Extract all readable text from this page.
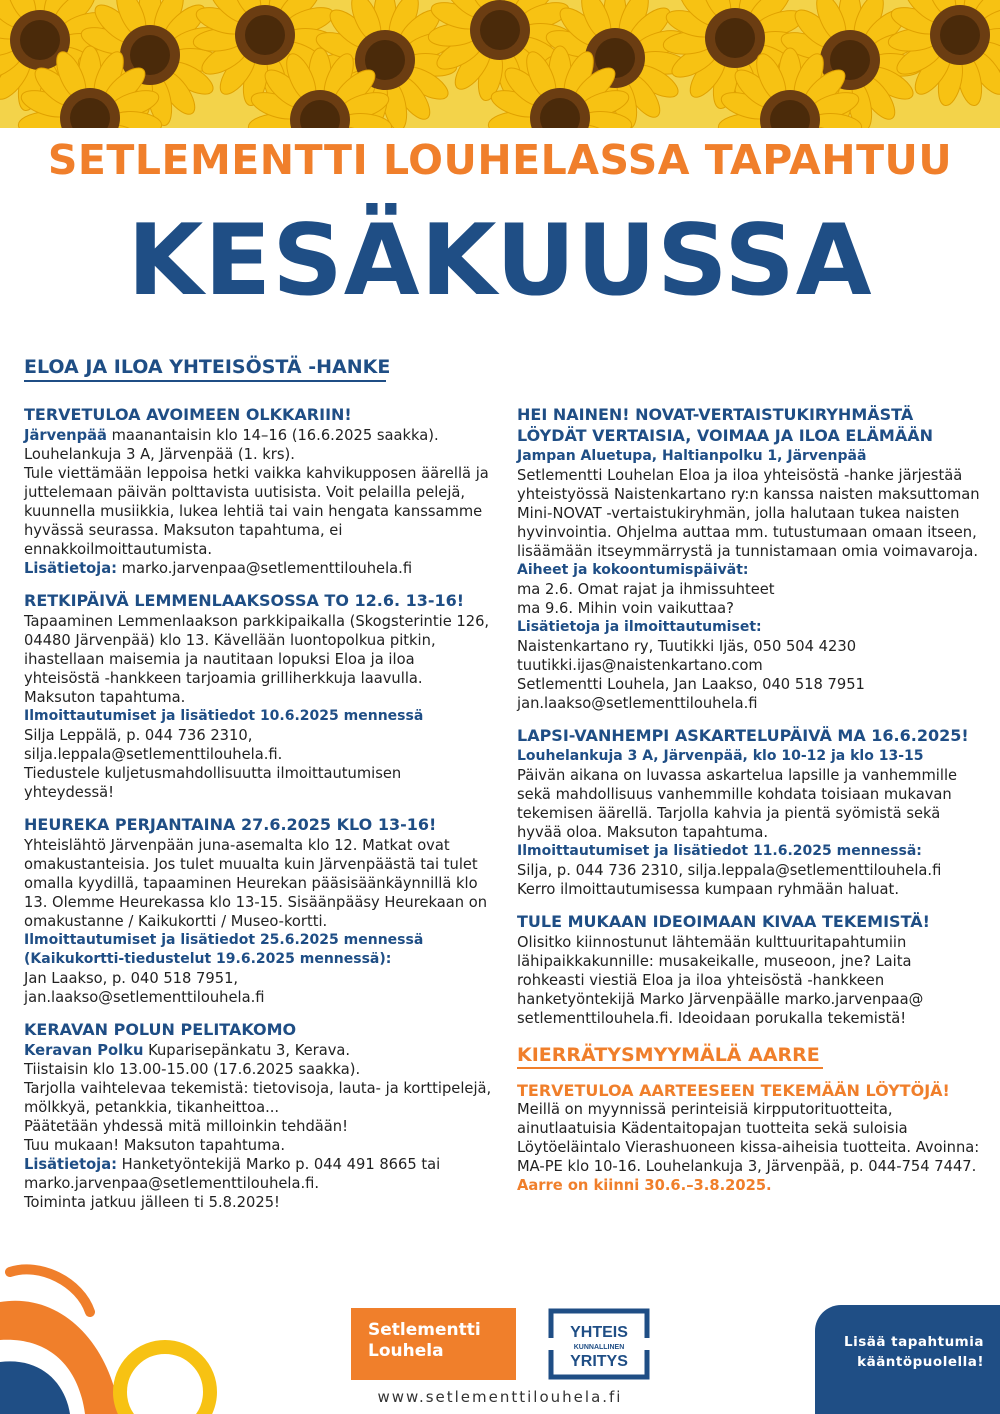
SETLEMENTTI LOUHELASSA TAPAHTUU
KESÄKUUSSA
ELOA JA ILOA YHTEISÖSTÄ -HANKE
TERVETULOA AVOIMEEN OLKKARIIN!
Järvenpää maanantaisin klo 14–16 (16.6.2025 saakka).
Louhelankuja 3 A, Järvenpää (1. krs).
Tule viettämään leppoisa hetki vaikka kahvikupposen äärellä ja juttelemaan päivän polttavista uutisista. Voit pelailla pelejä, kuunnella musiikkia, lukea lehtiä tai vain hengata kanssamme hyvässä seurassa. Maksuton tapahtuma, ei ennakkoilmoittautumista.
Lisätietoja: marko.jarvenpaa@setlementtilouhela.fi
RETKIPÄIVÄ LEMMENLAAKSOSSA TO 12.6. 13-16!
Tapaaminen Lemmenlaakson parkkipaikalla (Skogsterintie 126, 04480 Järvenpää) klo 13. Kävellään luontopolkua pitkin, ihastellaan maisemia ja nautitaan lopuksi Eloa ja iloa yhteisöstä -hankkeen tarjoamia grilliherkkuja laavulla. Maksuton tapahtuma.
Ilmoittautumiset ja lisätiedot 10.6.2025 mennessä
Silja Leppälä, p. 044 736 2310,
silja.leppala@setlementtilouhela.fi.
Tiedustele kuljetusmahdollisuutta ilmoittautumisen yhteydessä!
HEUREKA PERJANTAINA 27.6.2025 KLO 13-16!
Yhteislähtö Järvenpään juna-asemalta klo 12. Matkat ovat omakustanteisia. Jos tulet muualta kuin Järvenpäästä tai tulet omalla kyydillä, tapaaminen Heurekan pääsisäänkäynnillä klo 13. Olemme Heurekassa klo 13-15. Sisäänpääsy Heurekaan on omakustanne / Kaikukortti / Museo-kortti.
Ilmoittautumiset ja lisätiedot 25.6.2025 mennessä (Kaikukortti-tiedustelut 19.6.2025 mennessä):
Jan Laakso, p. 040 518 7951,
jan.laakso@setlementtilouhela.fi
KERAVAN POLUN PELITAKOMO
Keravan Polku Kuparisepänkatu 3, Kerava.
Tiistaisin klo 13.00-15.00 (17.6.2025 saakka).
Tarjolla vaihtelevaa tekemistä: tietovisoja, lauta- ja korttipelejä, mölkkyä, petankkia, tikanheittoa...
Päätetään yhdessä mitä milloinkin tehdään!
Tuu mukaan! Maksuton tapahtuma.
Lisätietoja: Hanketyöntekijä Marko p. 044 491 8665 tai marko.jarvenpaa@setlementtilouhela.fi.
Toiminta jatkuu jälleen ti 5.8.2025!
HEI NAINEN! NOVAT-VERTAISTUKIRYHMÄSTÄ LÖYDÄT VERTAISIA, VOIMAA JA ILOA ELÄMÄÄN
Jampan Aluetupa, Haltianpolku 1, Järvenpää
Setlementti Louhelan Eloa ja iloa yhteisöstä -hanke järjestää yhteistyössä Naistenkartano ry:n kanssa naisten maksuttoman Mini-NOVAT -vertaistukiryhmän, jolla halutaan tukea naisten hyvinvointia. Ohjelma auttaa mm. tutustumaan omaan itseen, lisäämään itseymmärrystä ja tunnistamaan omia voimavaroja.
Aiheet ja kokoontumispäivät:
ma 2.6. Omat rajat ja ihmissuhteet
ma 9.6. Mihin voin vaikuttaa?
Lisätietoja ja ilmoittautumiset:
Naistenkartano ry, Tuutikki Ijäs, 050 504 4230
tuutikki.ijas@naistenkartano.com
Setlementti Louhela, Jan Laakso, 040 518 7951
jan.laakso@setlementtilouhela.fi
LAPSI-VANHEMPI ASKARTELUPÄIVÄ MA 16.6.2025!
Louhelankuja 3 A, Järvenpää, klo 10-12 ja klo 13-15
Päivän aikana on luvassa askartelua lapsille ja vanhemmille sekä mahdollisuus vanhemmille kohdata toisiaan mukavan tekemisen äärellä. Tarjolla kahvia ja pientä syömistä sekä hyvää oloa. Maksuton tapahtuma.
Ilmoittautumiset ja lisätiedot 11.6.2025 mennessä:
Silja, p. 044 736 2310, silja.leppala@setlementtilouhela.fi
Kerro ilmoittautumisessa kumpaan ryhmään haluat.
TULE MUKAAN IDEOIMAAN KIVAA TEKEMISTÄ!
Olisitko kiinnostunut lähtemään kulttuuritapahtumiin lähipaikkakunnille: musakeikalle, museoon, jne? Laita rohkeasti viestiä Eloa ja iloa yhteisöstä -hankkeen hanketyöntekijä Marko Järvenpäälle marko.jarvenpaa@ setlementtilouhela.fi. Ideoidaan porukalla tekemistä!
KIERRÄTYSMYYMÄLÄ AARRE
TERVETULOA AARTEESEEN TEKEMÄÄN LÖYTÖJÄ!
Meillä on myynnissä perinteisiä kirpputorituotteita, ainutlaatuisia Kädentaitopajan tuotteita sekä suloisia Löytöeläintalo Vierashuoneen kissa-aiheisia tuotteita. Avoinna: MA-PE klo 10-16. Louhelankuja 3, Järvenpää, p. 044-754 7447. Aarre on kiinni 30.6.–3.8.2025.
Setlementti
Louhela
YHTEIS
KUNNALLINEN
YRITYS
www.setlementtilouhela.fi
Lisää tapahtumia kääntöpuolella!
